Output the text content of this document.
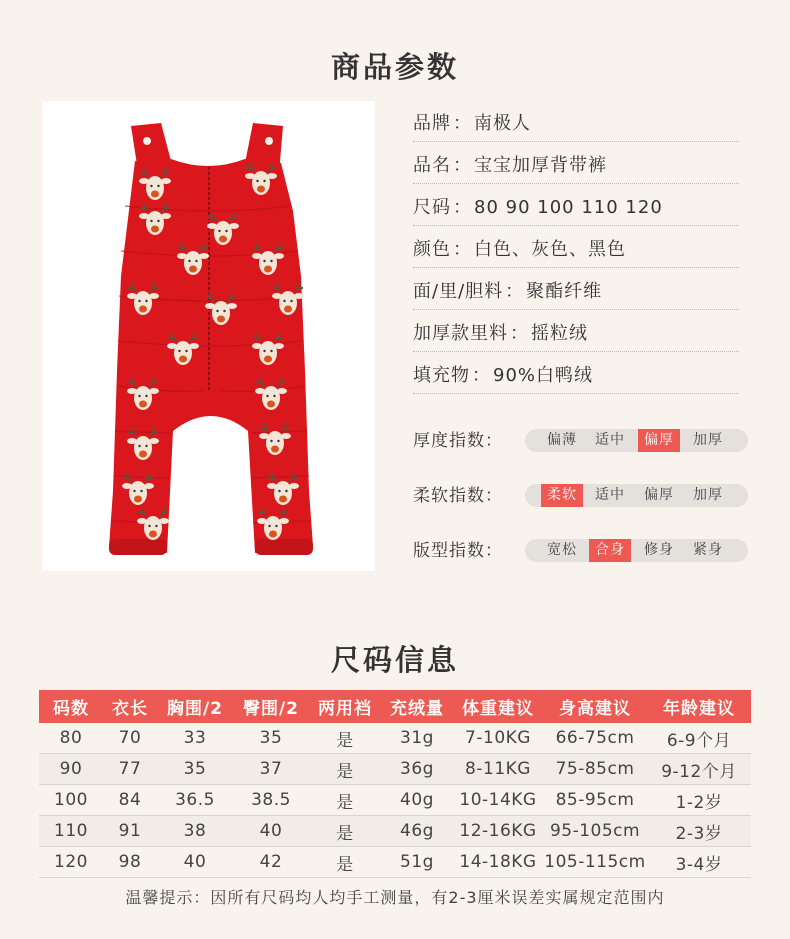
商品参数
品牌 ： 南极人
品名 ： 宝宝加厚背带裤
尺码 ： 80 90 100 110 120
颜色 ： 白色、灰色、黑色
面/里/胆料 ： 聚酯纤维
加厚款里料 ： 摇粒绒
填充物 ： 90%白鸭绒
厚度指数：	偏薄	适中	偏厚	加厚
柔软指数：	柔软	适中	偏厚	加厚
版型指数：	宽松	合身	修身	紧身
尺码信息
码数	衣长	胸围/2	臀围/2	两用裆	充绒量	体重建议	身高建议	年龄建议
80	70	33	35	是	31g	7-10KG	66-75cm	6-9个月
90	77	35	37	是	36g	8-11KG	75-85cm	9-12个月
100	84	36.5	38.5	是	40g	10-14KG	85-95cm	1-2岁
110	91	38	40	是	46g	12-16KG	95-105cm	2-3岁
120	98	40	42	是	51g	14-18KG	105-115cm	3-4岁
温馨提示：因所有尺码均人均手工测量，有2-3厘米误差实属规定范围内
